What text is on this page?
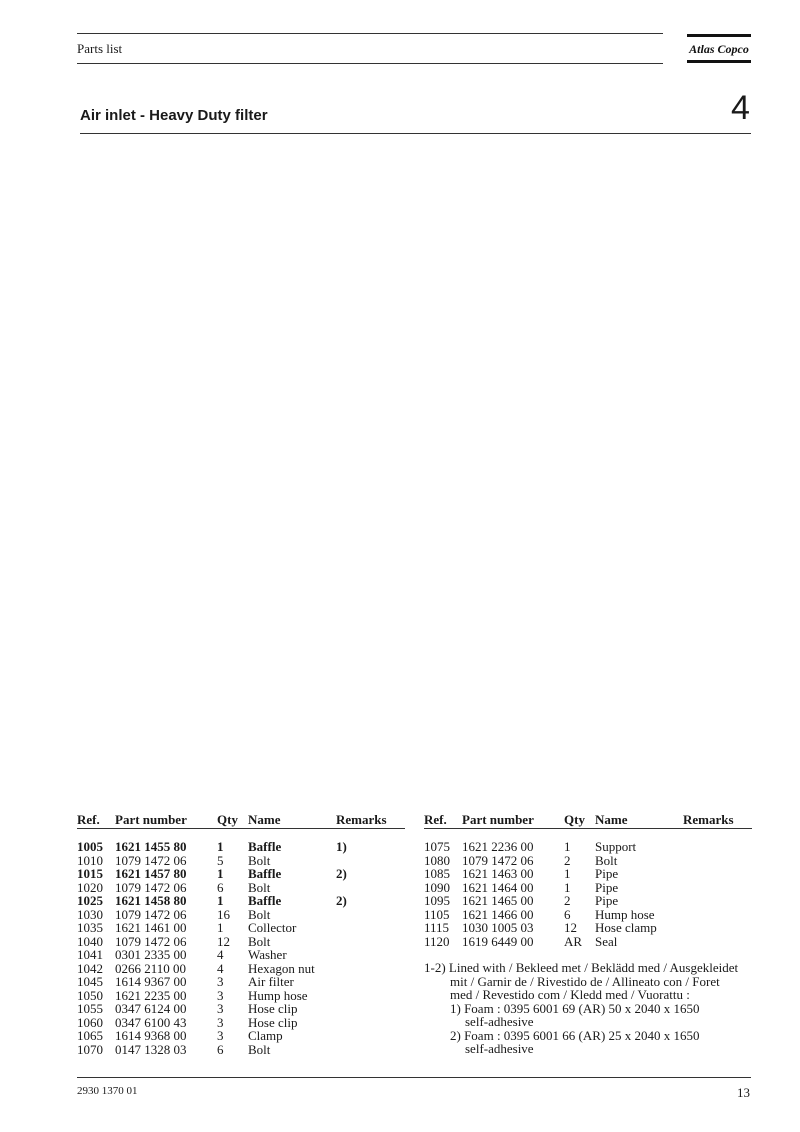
Parts list	Atlas Copco
Air inlet - Heavy Duty filter	4
Ref. Part number Qty Name	Remarks
1005 1621 1455 80 1 Baffle	1)
1010 1079 1472 06 5 Bolt
1015 1621 1457 80 1 Baffle	2)
1020 1079 1472 06 6 Bolt
1025 1621 1458 80 1 Baffle	2)
1030 1079 1472 06 16 Bolt
1035 1621 1461 00 1 Collector
1040 1079 1472 06 12 Bolt
1041 0301 2335 00 4 Washer
1042 0266 2110 00 4 Hexagon nut
1045 1614 9367 00 3 Air filter
1050 1621 2235 00 3 Hump hose
1055 0347 6124 00 3 Hose clip
1060 0347 6100 43 3 Hose clip
1065 1614 9368 00 3 Clamp
1070 0147 1328 03 6 Bolt
Ref. Part number Qty Name	Remarks
1075 1621 2236 00 1 Support
1080 1079 1472 06 2 Bolt
1085 1621 1463 00 1 Pipe
1090 1621 1464 00 1 Pipe
1095 1621 1465 00 2 Pipe
1105 1621 1466 00 6 Hump hose
1115 1030 1005 03 12 Hose clamp
1120 1619 6449 00 AR Seal
1-2) Lined with / Bekleed met / Beklädd med / Ausgekleidet
mit / Garnir de / Rivestido de / Allineato con / Foret
med / Revestido com / Kledd med / Vuorattu :
1) Foam : 0395 6001 69 (AR) 50 x 2040 x 1650
self-adhesive
2) Foam : 0395 6001 66 (AR) 25 x 2040 x 1650
self-adhesive
2930 1370 01	13
